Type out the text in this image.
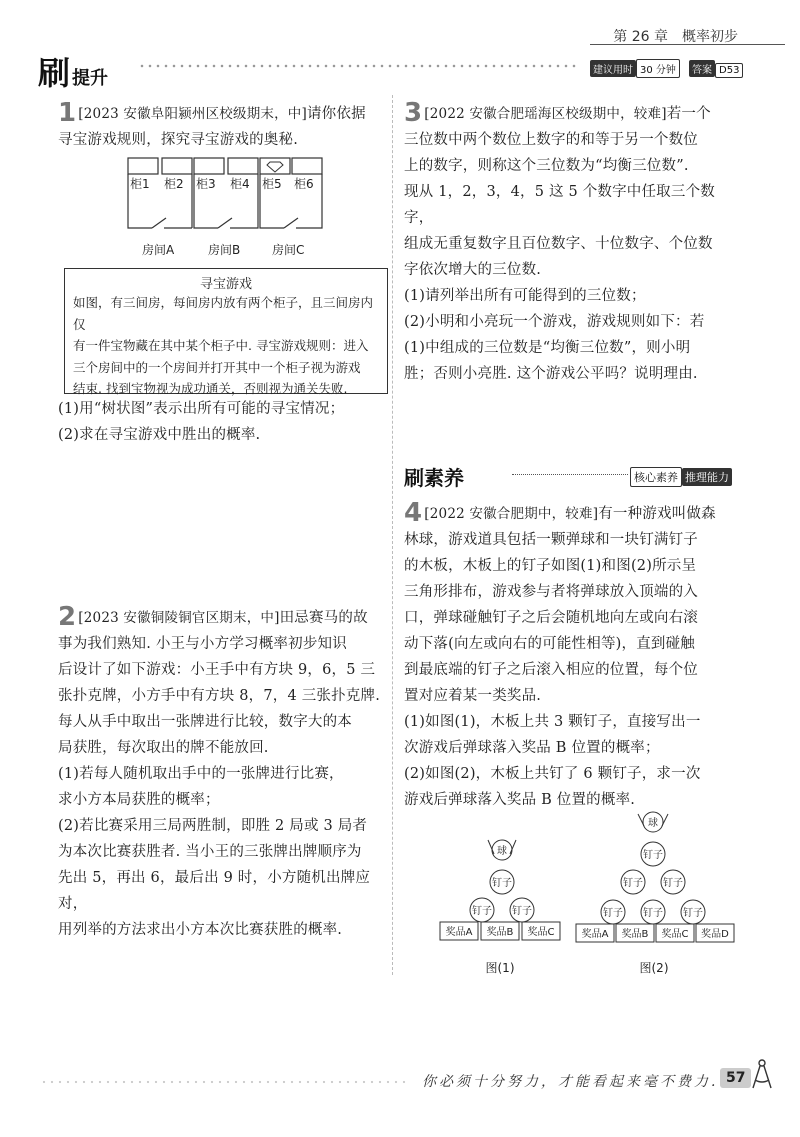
第 26 章　概率初步
刷提升	建议用时 30 分钟 答案 D53
1 [2023 安徽阜阳颍州区校级期末，中]请你依据
寻宝游戏规则，探究寻宝游戏的奥秘.
柜1 柜2 柜3 柜4 柜5 柜6
房间A	房间B	房间C
寻宝游戏
如图，有三间房，每间房内放有两个柜子，且三间房内仅
有一件宝物藏在其中某个柜子中. 寻宝游戏规则：进入
三个房间中的一个房间并打开其中一个柜子视为游戏
结束. 找到宝物视为成功通关，否则视为通关失败.
(1)用“树状图”表示出所有可能的寻宝情况；
(2)求在寻宝游戏中胜出的概率.
2 [2023 安徽铜陵铜官区期末，中]田忌赛马的故
事为我们熟知. 小王与小方学习概率初步知识
后设计了如下游戏：小王手中有方块 9，6，5 三
张扑克牌，小方手中有方块 8，7，4 三张扑克牌.
每人从手中取出一张牌进行比较，数字大的本
局获胜，每次取出的牌不能放回.
(1)若每人随机取出手中的一张牌进行比赛，
求小方本局获胜的概率；
(2)若比赛采用三局两胜制，即胜 2 局或 3 局者
为本次比赛获胜者. 当小王的三张牌出牌顺序为
先出 5，再出 6，最后出 9 时，小方随机出牌应对，
用列举的方法求出小方本次比赛获胜的概率.
3 [2022 安徽合肥瑶海区校级期中，较难]若一个
三位数中两个数位上数字的和等于另一个数位
上的数字，则称这个三位数为“均衡三位数”.
现从 1，2，3，4，5 这 5 个数字中任取三个数字，
组成无重复数字且百位数字、十位数字、个位数
字依次增大的三位数.
(1)请列举出所有可能得到的三位数；
(2)小明和小亮玩一个游戏，游戏规则如下：若
(1)中组成的三位数是“均衡三位数”，则小明
胜；否则小亮胜. 这个游戏公平吗？说明理由.
刷素养	核心素养 推理能力
4 [2022 安徽合肥期中，较难]有一种游戏叫做森
林球，游戏道具包括一颗弹球和一块钉满钉子
的木板，木板上的钉子如图(1)和图(2)所示呈
三角形排布，游戏参与者将弹球放入顶端的入
口，弹球碰触钉子之后会随机地向左或向右滚
动下落(向左或向右的可能性相等)，直到碰触
到最底端的钉子之后滚入相应的位置，每个位
置对应着某一类奖品.
(1)如图(1)，木板上共 3 颗钉子，直接写出一
次游戏后弹球落入奖品 B 位置的概率；
(2)如图(2)，木板上共钉了 6 颗钉子，求一次
游戏后弹球落入奖品 B 位置的概率.
球
钉子
钉子 钉子
奖品A 奖品B 奖品C
图(1)
球
钉子
钉子 钉子
钉子 钉子 钉子
奖品A 奖品B 奖品C 奖品D
图(2)
你必须十分努力，才能看起来毫不费力. 57
